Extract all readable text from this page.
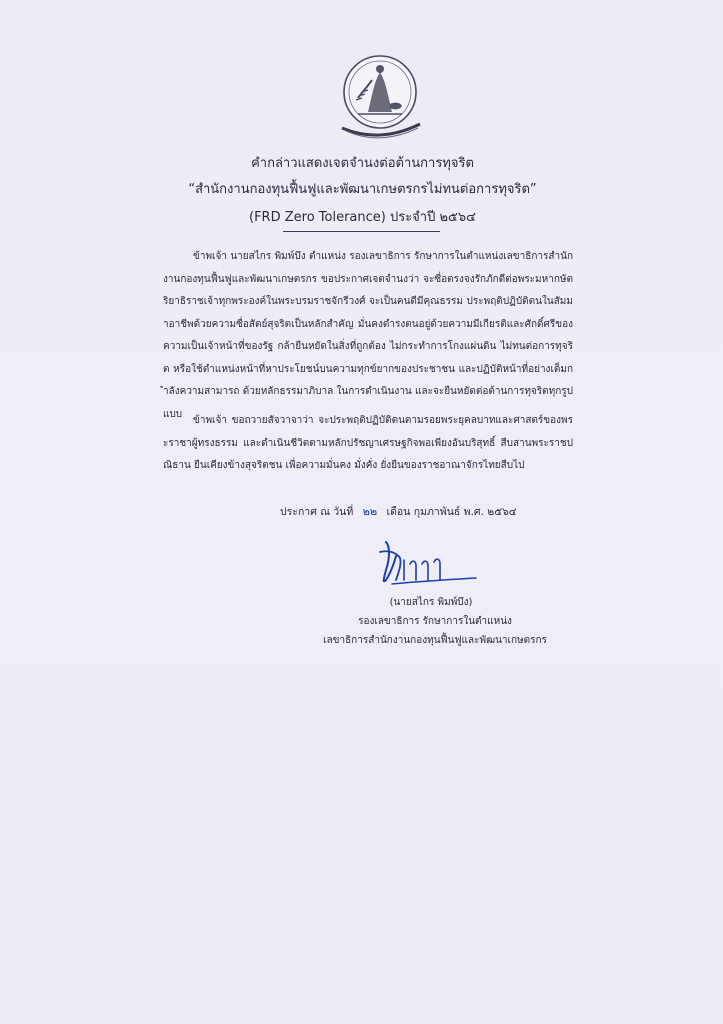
คำกล่าวแสดงเจตจำนงต่อต้านการทุจริต
“สำนักงานกองทุนฟื้นฟูและพัฒนาเกษตรกรไม่ทนต่อการทุจริต”
(FRD Zero Tolerance) ประจำปี ๒๕๖๔
ข้าพเจ้า นายสไกร พิมพ์บึง ตำแหน่ง รองเลขาธิการ รักษาการในตำแหน่งเลขาธิการสำนักงานกองทุนฟื้นฟูและพัฒนาเกษตรกร ขอประกาศเจตจำนงว่า จะซื่อตรงจงรักภักดีต่อพระมหากษัตริยาธิราชเจ้าทุกพระองค์ในพระบรมราชจักรีวงศ์ จะเป็นคนดีมีคุณธรรม ประพฤติปฏิบัติตนในสัมมาอาชีพด้วยความซื่อสัตย์สุจริตเป็นหลักสำคัญ มั่นคงดำรงตนอยู่ด้วยความมีเกียรติและศักดิ์ศรีของความเป็นเจ้าหน้าที่ของรัฐ กล้ายืนหยัดในสิ่งที่ถูกต้อง ไม่กระทำการโกงแผ่นดิน ไม่ทนต่อการทุจริต หรือใช้ตำแหน่งหน้าที่หาประโยชน์บนความทุกข์ยากของประชาชน และปฏิบัติหน้าที่อย่างเต็มกำลังความสามารถ ด้วยหลักธรรมาภิบาล ในการดำเนินงาน และจะยืนหยัดต่อต้านการทุจริตทุกรูปแบบ
ข้าพเจ้า ขอถวายสัจวาจาว่า จะประพฤติปฏิบัติตนตามรอยพระยุคลบาทและศาสตร์ของพระราชาผู้ทรงธรรม และดำเนินชีวิตตามหลักปรัชญาเศรษฐกิจพอเพียงอันบริสุทธิ์ สืบสานพระราชปณิธาน ยืนเคียงข้างสุจริตชน เพื่อความมั่นคง มั่งคั่ง ยั่งยืนของราชอาณาจักรไทยสืบไป
ประกาศ ณ วันที่ ๒๒ เดือน กุมภาพันธ์ พ.ศ. ๒๕๖๔
(นายสไกร พิมพ์บึง)
รองเลขาธิการ รักษาการในตำแหน่ง
เลขาธิการสำนักงานกองทุนฟื้นฟูและพัฒนาเกษตรกร
